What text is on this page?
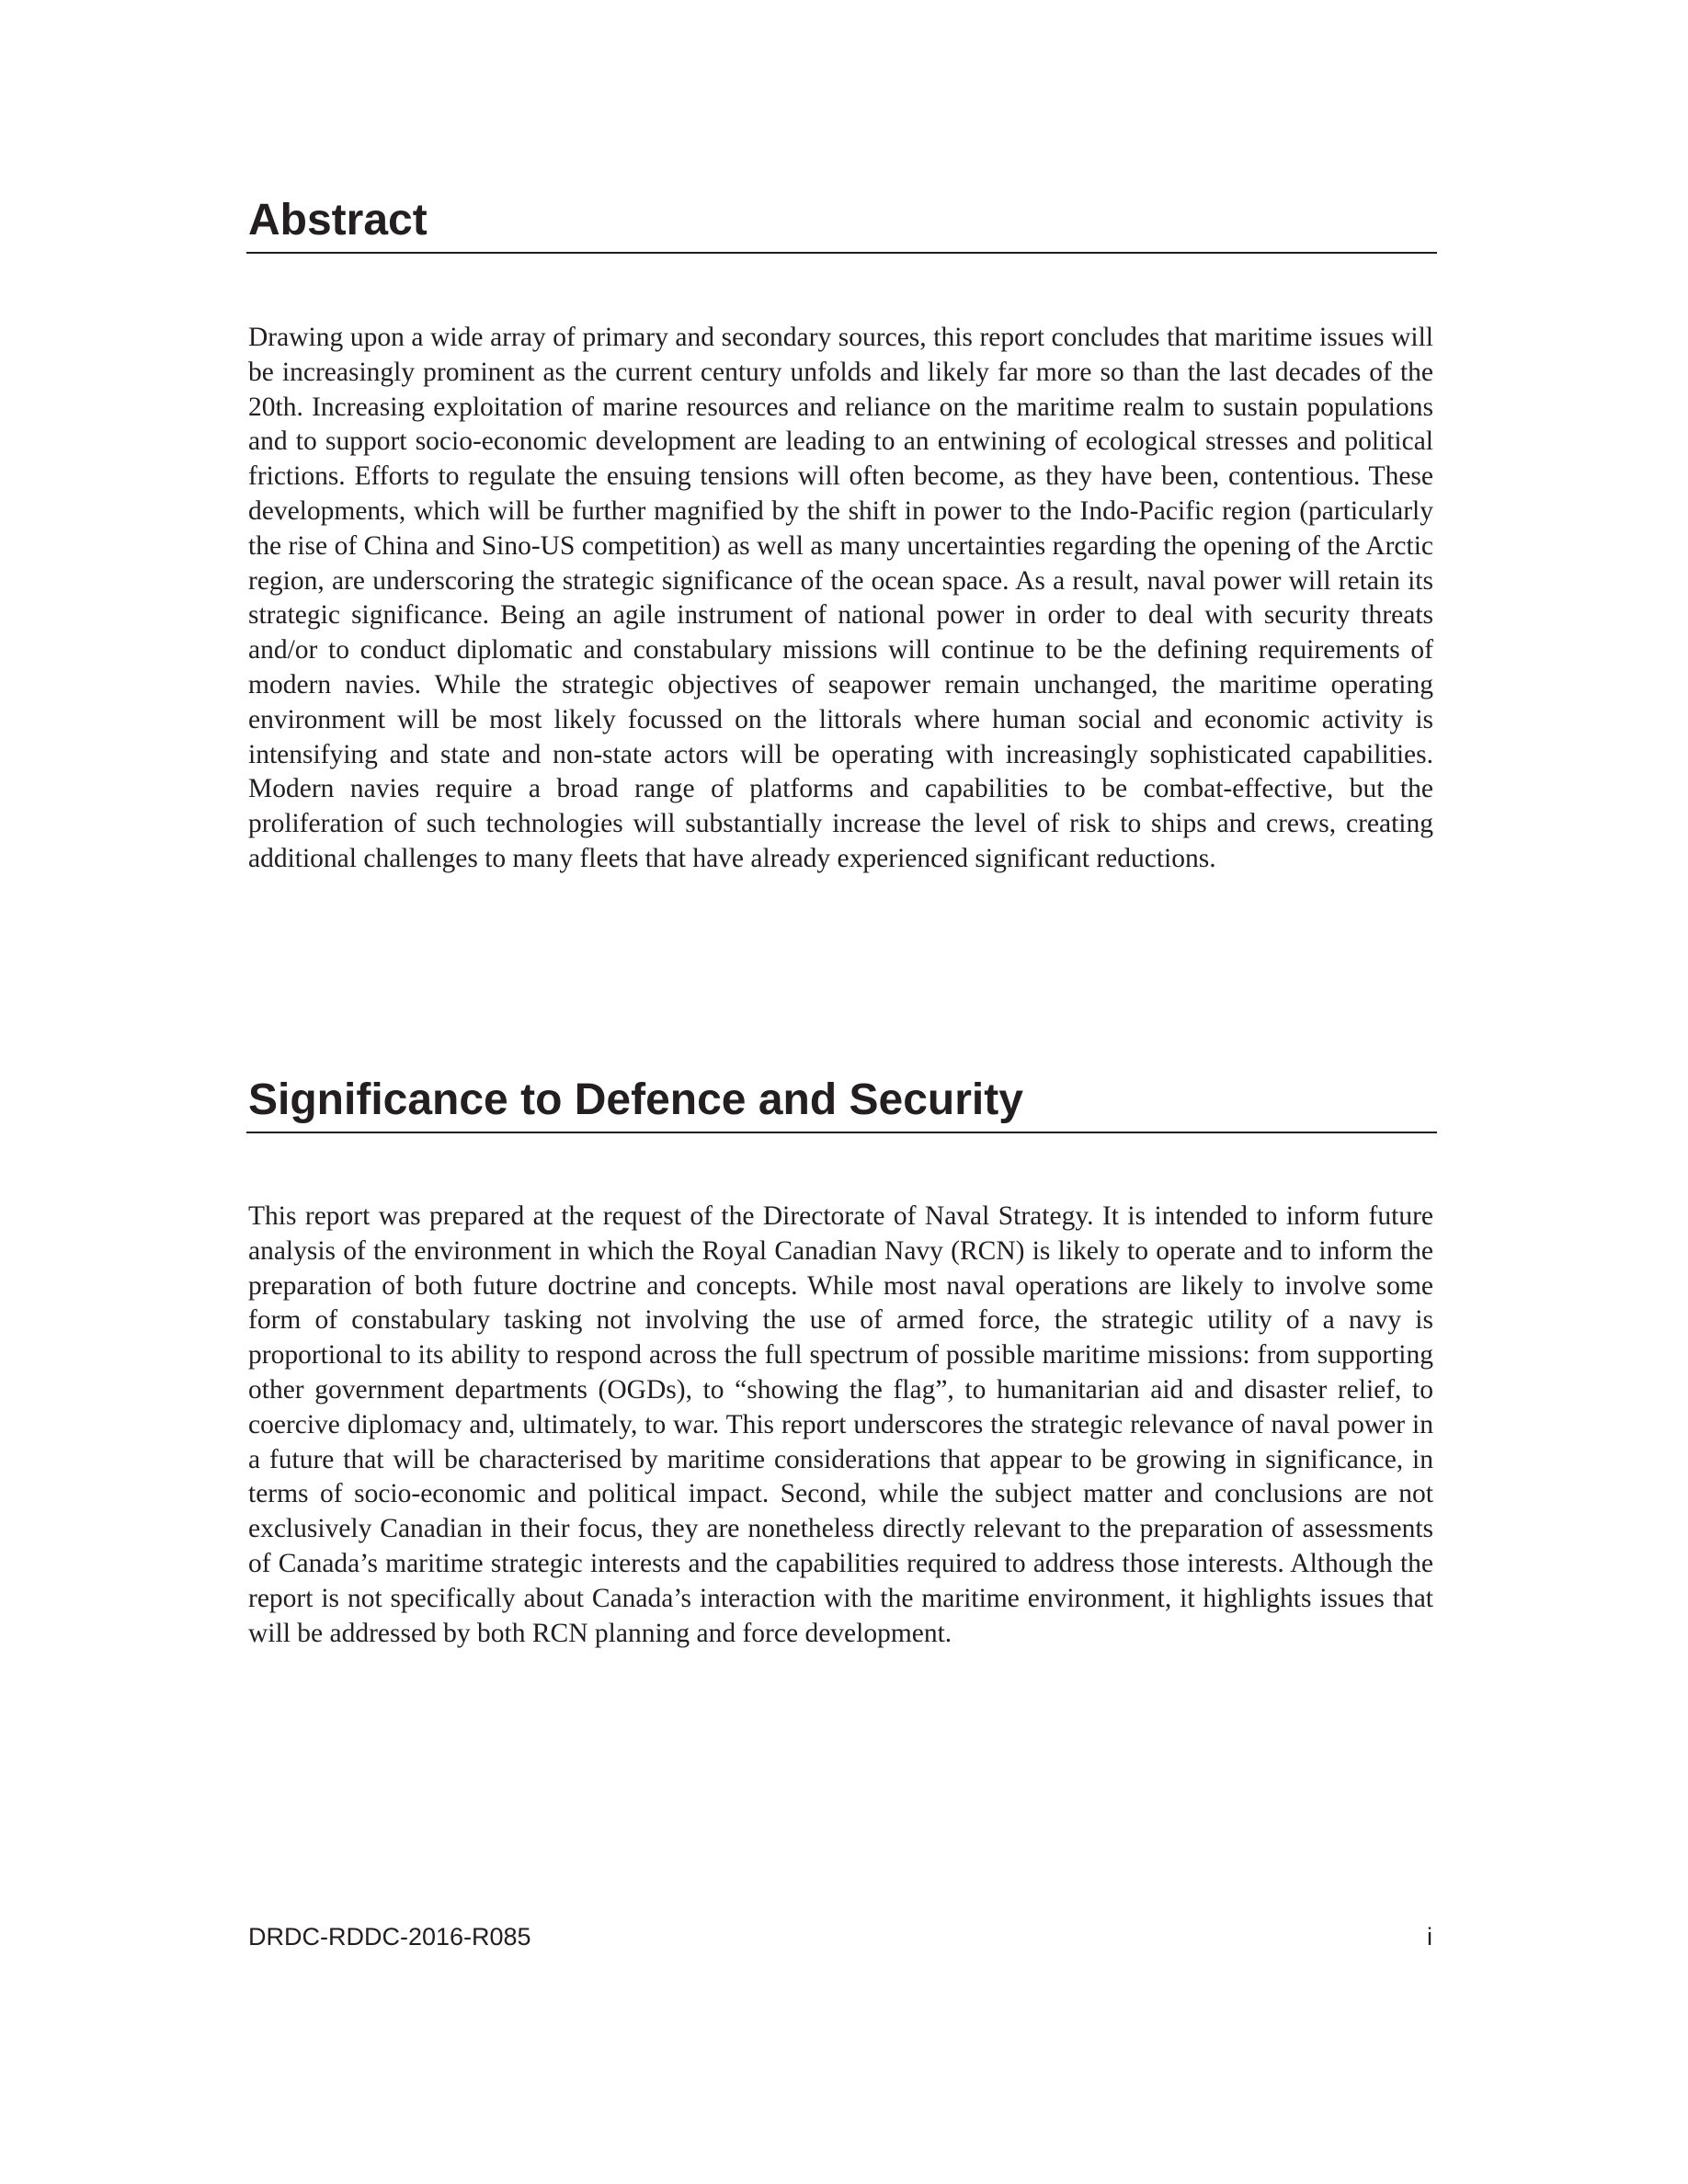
Abstract

Drawing upon a wide array of primary and secondary sources, this report concludes that maritime issues will be increasingly prominent as the current century unfolds and likely far more so than the last decades of the 20th. Increasing exploitation of marine resources and reliance on the maritime realm to sustain populations and to support socio-economic development are leading to an entwining of ecological stresses and political frictions. Efforts to regulate the ensuing tensions will often become, as they have been, contentious. These developments, which will be further magnified by the shift in power to the Indo-Pacific region (particularly the rise of China and Sino-US competition) as well as many uncertainties regarding the opening of the Arctic region, are underscoring the strategic significance of the ocean space. As a result, naval power will retain its strategic significance. Being an agile instrument of national power in order to deal with security threats and/or to conduct diplomatic and constabulary missions will continue to be the defining requirements of modern navies. While the strategic objectives of seapower remain unchanged, the maritime operating environment will be most likely focussed on the littorals where human social and economic activity is intensifying and state and non-state actors will be operating with increasingly sophisticated capabilities. Modern navies require a broad range of platforms and capabilities to be combat-effective, but the proliferation of such technologies will substantially increase the level of risk to ships and crews, creating additional challenges to many fleets that have already experienced significant reductions.

Significance to Defence and Security

This report was prepared at the request of the Directorate of Naval Strategy. It is intended to inform future analysis of the environment in which the Royal Canadian Navy (RCN) is likely to operate and to inform the preparation of both future doctrine and concepts. While most naval operations are likely to involve some form of constabulary tasking not involving the use of armed force, the strategic utility of a navy is proportional to its ability to respond across the full spectrum of possible maritime missions: from supporting other government departments (OGDs), to “showing the flag”, to humanitarian aid and disaster relief, to coercive diplomacy and, ultimately, to war. This report underscores the strategic relevance of naval power in a future that will be characterised by maritime considerations that appear to be growing in significance, in terms of socio-economic and political impact. Second, while the subject matter and conclusions are not exclusively Canadian in their focus, they are nonetheless directly relevant to the preparation of assessments of Canada’s maritime strategic interests and the capabilities required to address those interests. Although the report is not specifically about Canada’s interaction with the maritime environment, it highlights issues that will be addressed by both RCN planning and force development.

DRDC-RDDC-2016-R085	i
